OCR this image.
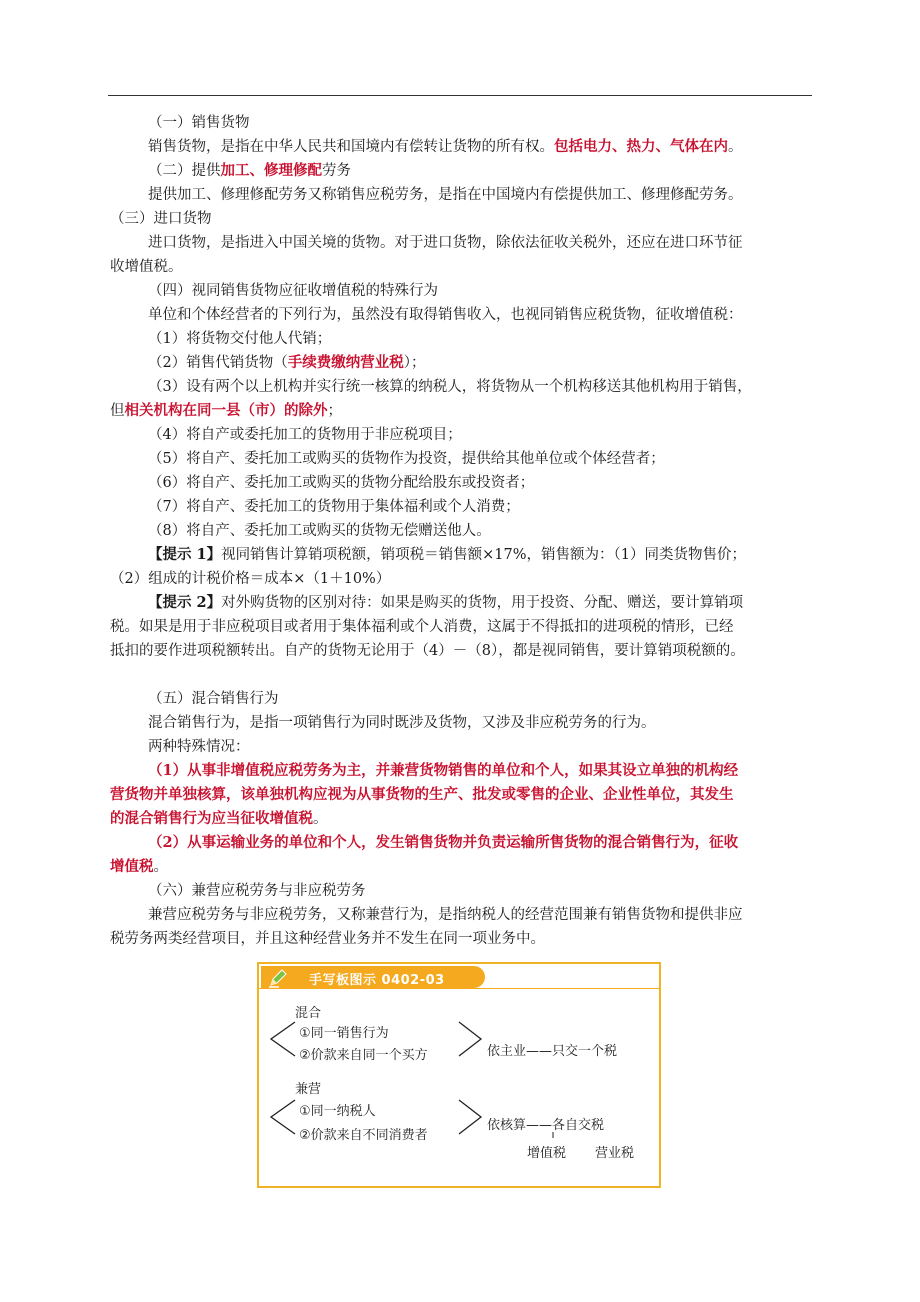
（一）销售货物
销售货物，是指在中华人民共和国境内有偿转让货物的所有权。包括电力、热力、气体在内。
（二）提供加工、修理修配劳务
提供加工、修理修配劳务又称销售应税劳务，是指在中国境内有偿提供加工、修理修配劳务。
（三）进口货物
进口货物，是指进入中国关境的货物。对于进口货物，除依法征收关税外，还应在进口环节征
收增值税。
（四）视同销售货物应征收增值税的特殊行为
单位和个体经营者的下列行为，虽然没有取得销售收入，也视同销售应税货物，征收增值税：
（1）将货物交付他人代销；
（2）销售代销货物（手续费缴纳营业税）；
（3）设有两个以上机构并实行统一核算的纳税人，将货物从一个机构移送其他机构用于销售，
但相关机构在同一县（市）的除外；
（4）将自产或委托加工的货物用于非应税项目；
（5）将自产、委托加工或购买的货物作为投资，提供给其他单位或个体经营者；
（6）将自产、委托加工或购买的货物分配给股东或投资者；
（7）将自产、委托加工的货物用于集体福利或个人消费；
（8）将自产、委托加工或购买的货物无偿赠送他人。
【提示 1】视同销售计算销项税额，销项税＝销售额×17%，销售额为：（1）同类货物售价；
（2）组成的计税价格＝成本×（1＋10%）
【提示 2】对外购货物的区别对待：如果是购买的货物，用于投资、分配、赠送，要计算销项
税。如果是用于非应税项目或者用于集体福利或个人消费，这属于不得抵扣的进项税的情形，已经
抵扣的要作进项税额转出。自产的货物无论用于（4）－（8），都是视同销售，要计算销项税额的。
（五）混合销售行为
混合销售行为，是指一项销售行为同时既涉及货物，又涉及非应税劳务的行为。
两种特殊情况：
（1）从事非增值税应税劳务为主，并兼营货物销售的单位和个人，如果其设立单独的机构经
营货物并单独核算，该单独机构应视为从事货物的生产、批发或零售的企业、企业性单位，其发生
的混合销售行为应当征收增值税。
（2）从事运输业务的单位和个人，发生销售货物并负责运输所售货物的混合销售行为，征收
增值税。
（六）兼营应税劳务与非应税劳务
兼营应税劳务与非应税劳务，又称兼营行为，是指纳税人的经营范围兼有销售货物和提供非应
税劳务两类经营项目，并且这种经营业务并不发生在同一项业务中。
手写板图示 0402-03
混合
①同一销售行为
②价款来自同一个买方	依主业——只交一个税
兼营
①同一纳税人
②价款来自不同消费者
依核算——各自交税
增值税 营业税
